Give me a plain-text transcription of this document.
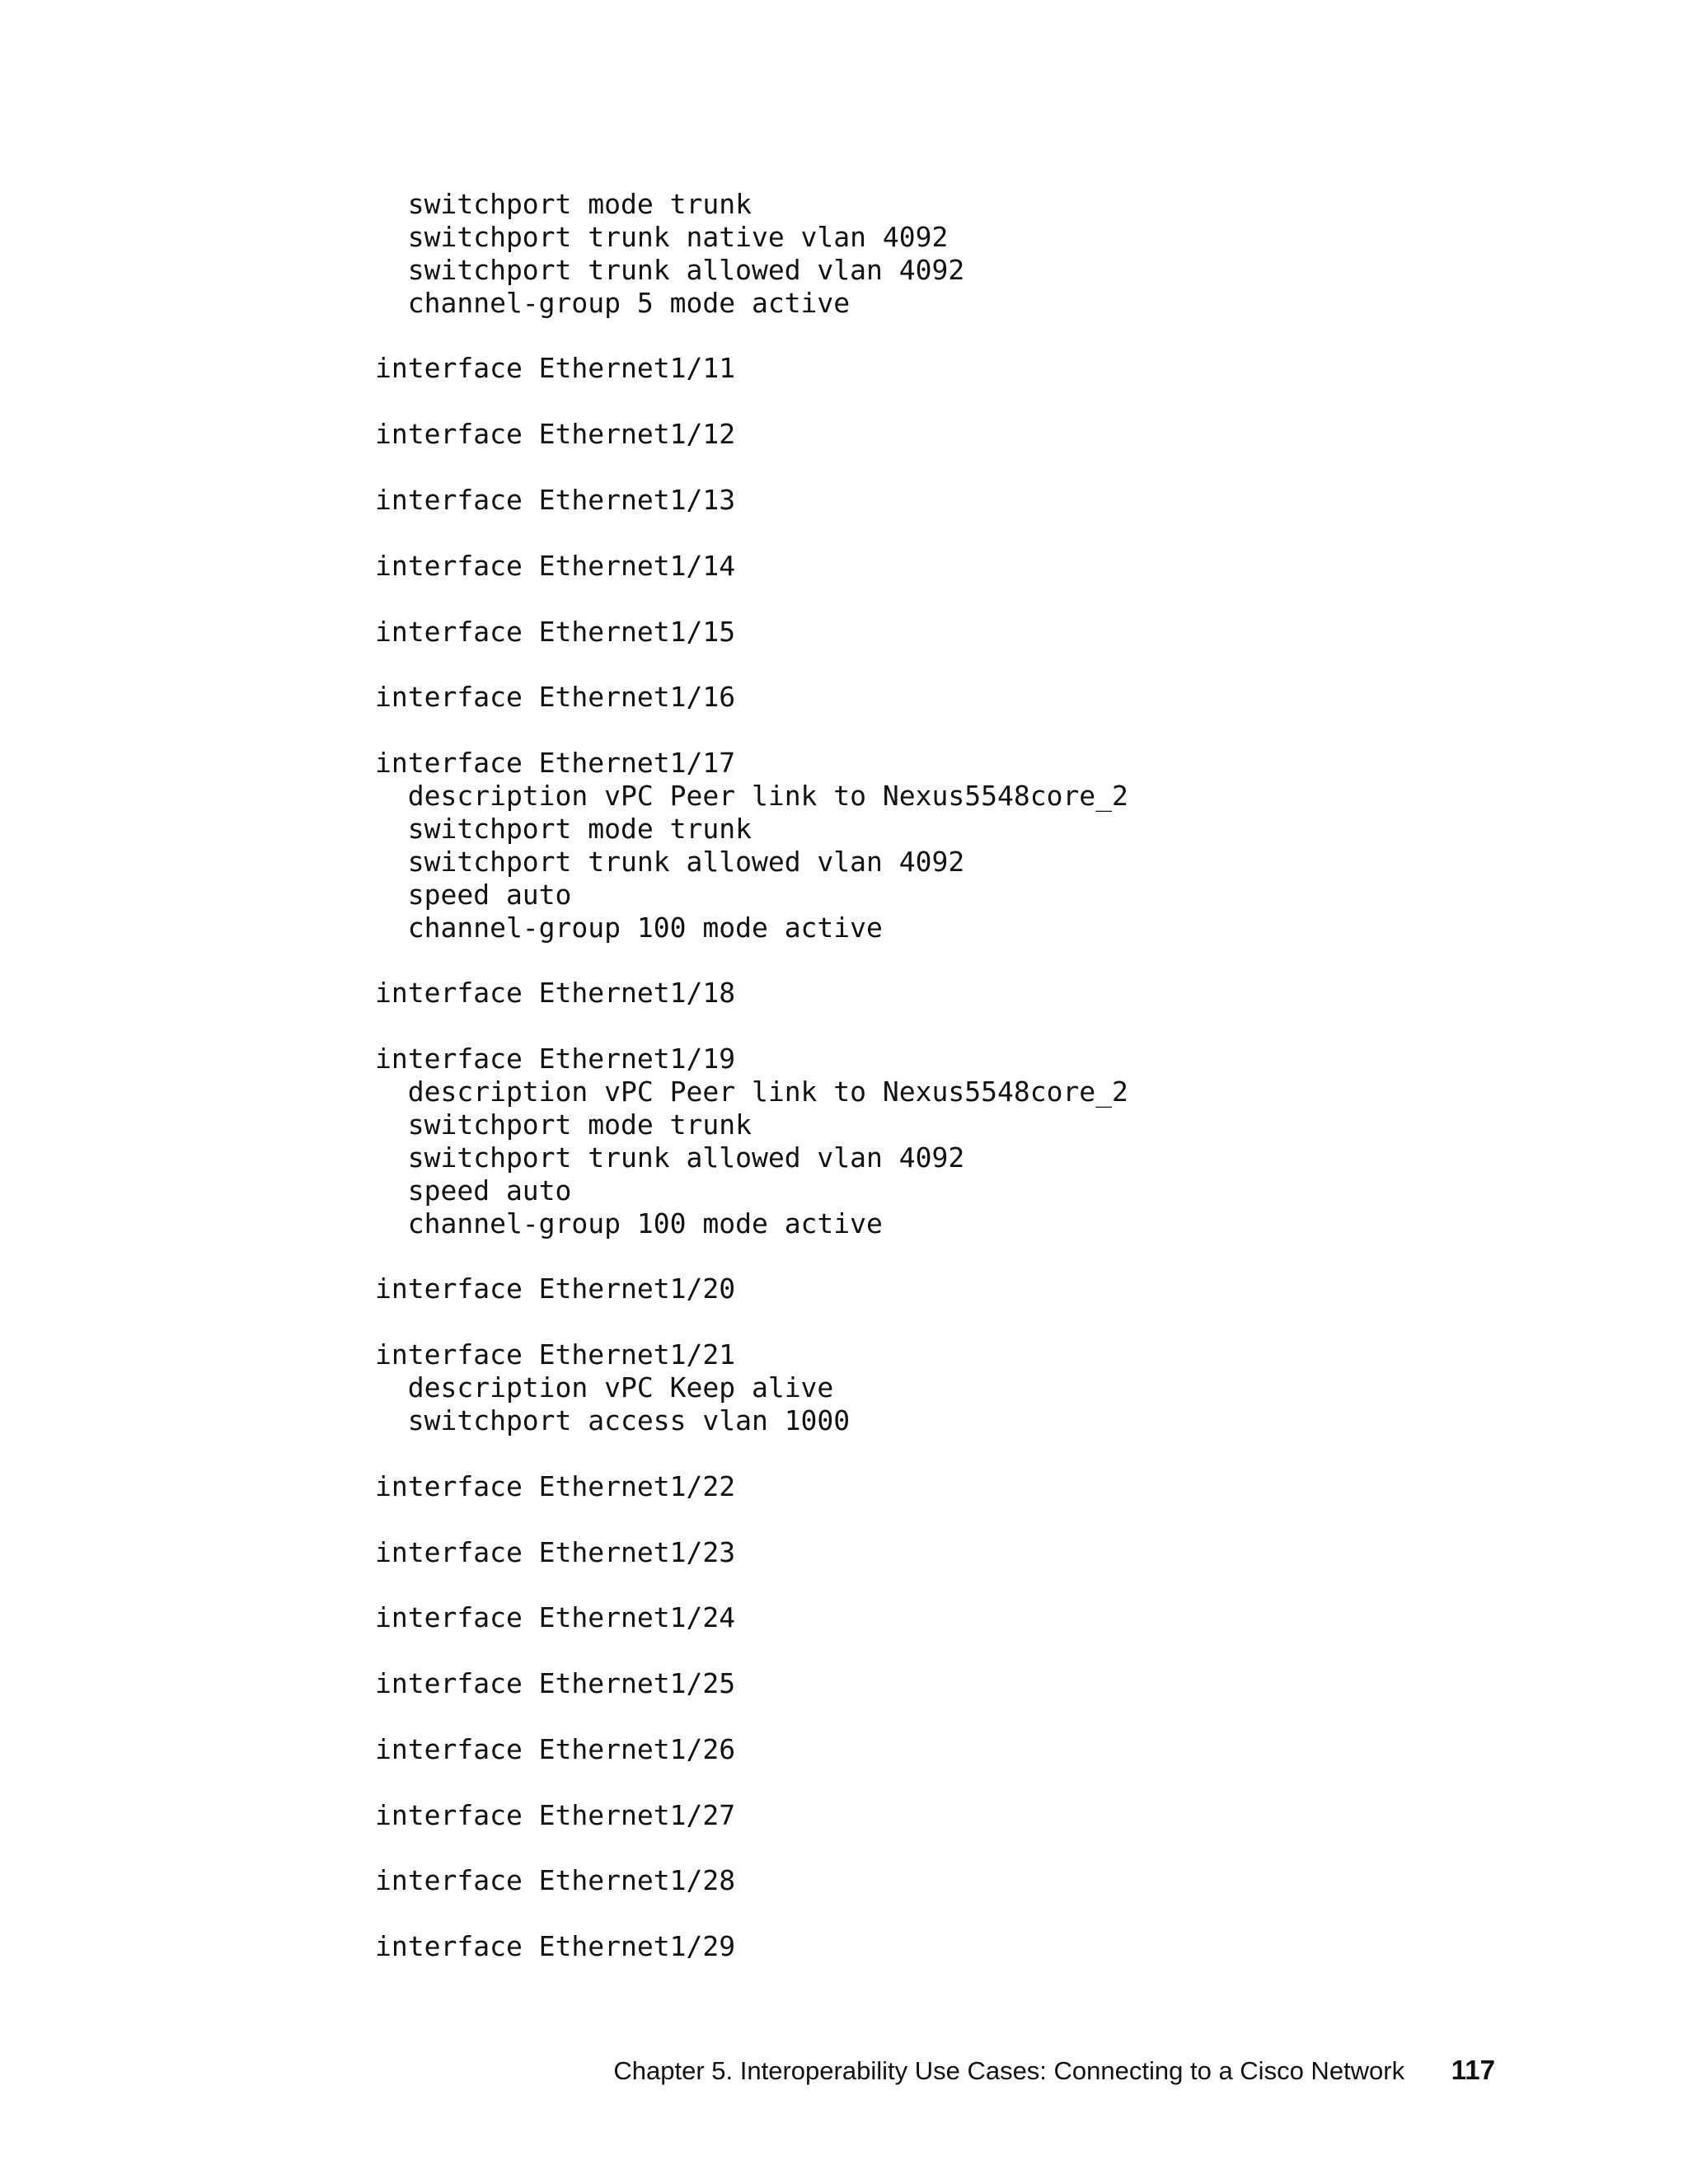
switchport mode trunk
switchport trunk native vlan 4092
switchport trunk allowed vlan 4092
channel-group 5 mode active
interface Ethernet1/11
interface Ethernet1/12
interface Ethernet1/13
interface Ethernet1/14
interface Ethernet1/15
interface Ethernet1/16
interface Ethernet1/17
description vPC Peer link to Nexus5548core_2
switchport mode trunk
switchport trunk allowed vlan 4092
speed auto
channel-group 100 mode active
interface Ethernet1/18
interface Ethernet1/19
description vPC Peer link to Nexus5548core_2
switchport mode trunk
switchport trunk allowed vlan 4092
speed auto
channel-group 100 mode active
interface Ethernet1/20
interface Ethernet1/21
description vPC Keep alive
switchport access vlan 1000
interface Ethernet1/22
interface Ethernet1/23
interface Ethernet1/24
interface Ethernet1/25
interface Ethernet1/26
interface Ethernet1/27
interface Ethernet1/28
interface Ethernet1/29
Chapter 5. Interoperability Use Cases: Connecting to a Cisco Network 117
